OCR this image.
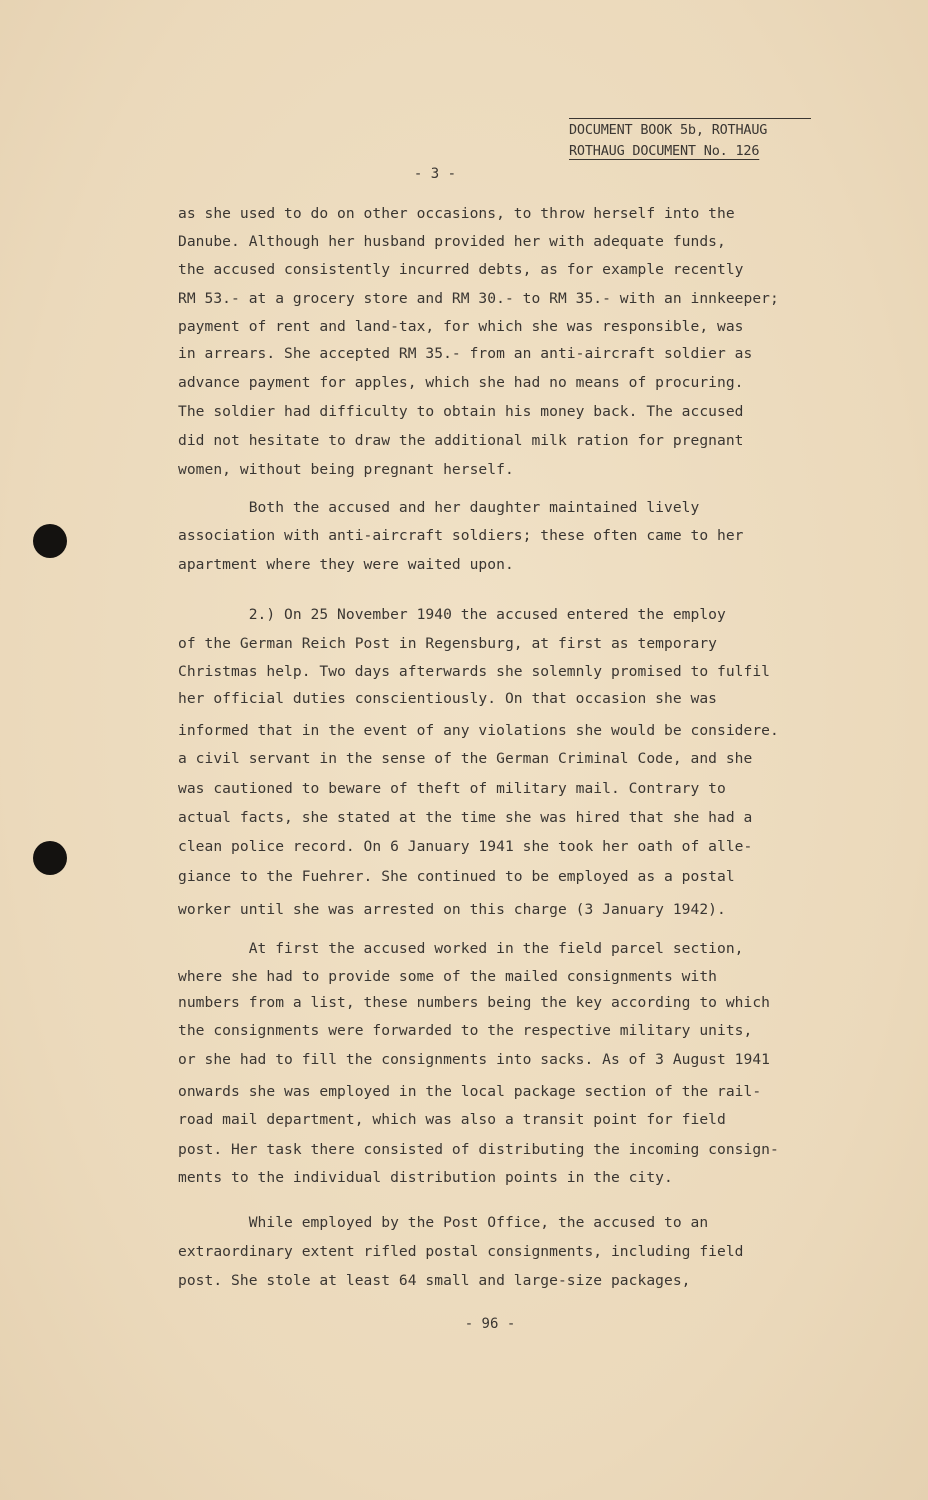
DOCUMENT BOOK 5b, ROTHAUG
ROTHAUG DOCUMENT No. 126
- 3 -
as she used to do on other occasions, to throw herself into the
Danube. Although her husband provided her with adequate funds,
the accused consistently incurred debts, as for example recently
RM 53.- at a grocery store and RM 30.- to RM 35.- with an innkeeper;
payment of rent and land-tax, for which she was responsible, was
in arrears. She accepted RM 35.- from an anti-aircraft soldier as
advance payment for apples, which she had no means of procuring.
The soldier had difficulty to obtain his money back. The accused
did not hesitate to draw the additional milk ration for pregnant
women, without being pregnant herself.
Both the accused and her daughter maintained lively
association with anti-aircraft soldiers; these often came to her
apartment where they were waited upon.
2.) On 25 November 1940 the accused entered the employ
of the German Reich Post in Regensburg, at first as temporary
Christmas help. Two days afterwards she solemnly promised to fulfil
her official duties conscientiously. On that occasion she was
informed that in the event of any violations she would be considere.
a civil servant in the sense of the German Criminal Code, and she
was cautioned to beware of theft of military mail. Contrary to
actual facts, she stated at the time she was hired that she had a
clean police record. On 6 January 1941 she took her oath of alle-
giance to the Fuehrer. She continued to be employed as a postal
worker until she was arrested on this charge (3 January 1942).
At first the accused worked in the field parcel section,
where she had to provide some of the mailed consignments with
numbers from a list, these numbers being the key according to which
the consignments were forwarded to the respective military units,
or she had to fill the consignments into sacks. As of 3 August 1941
onwards she was employed in the local package section of the rail-
road mail department, which was also a transit point for field
post. Her task there consisted of distributing the incoming consign-
ments to the individual distribution points in the city.
While employed by the Post Office, the accused to an
extraordinary extent rifled postal consignments, including field
post. She stole at least 64 small and large-size packages,
- 96 -
